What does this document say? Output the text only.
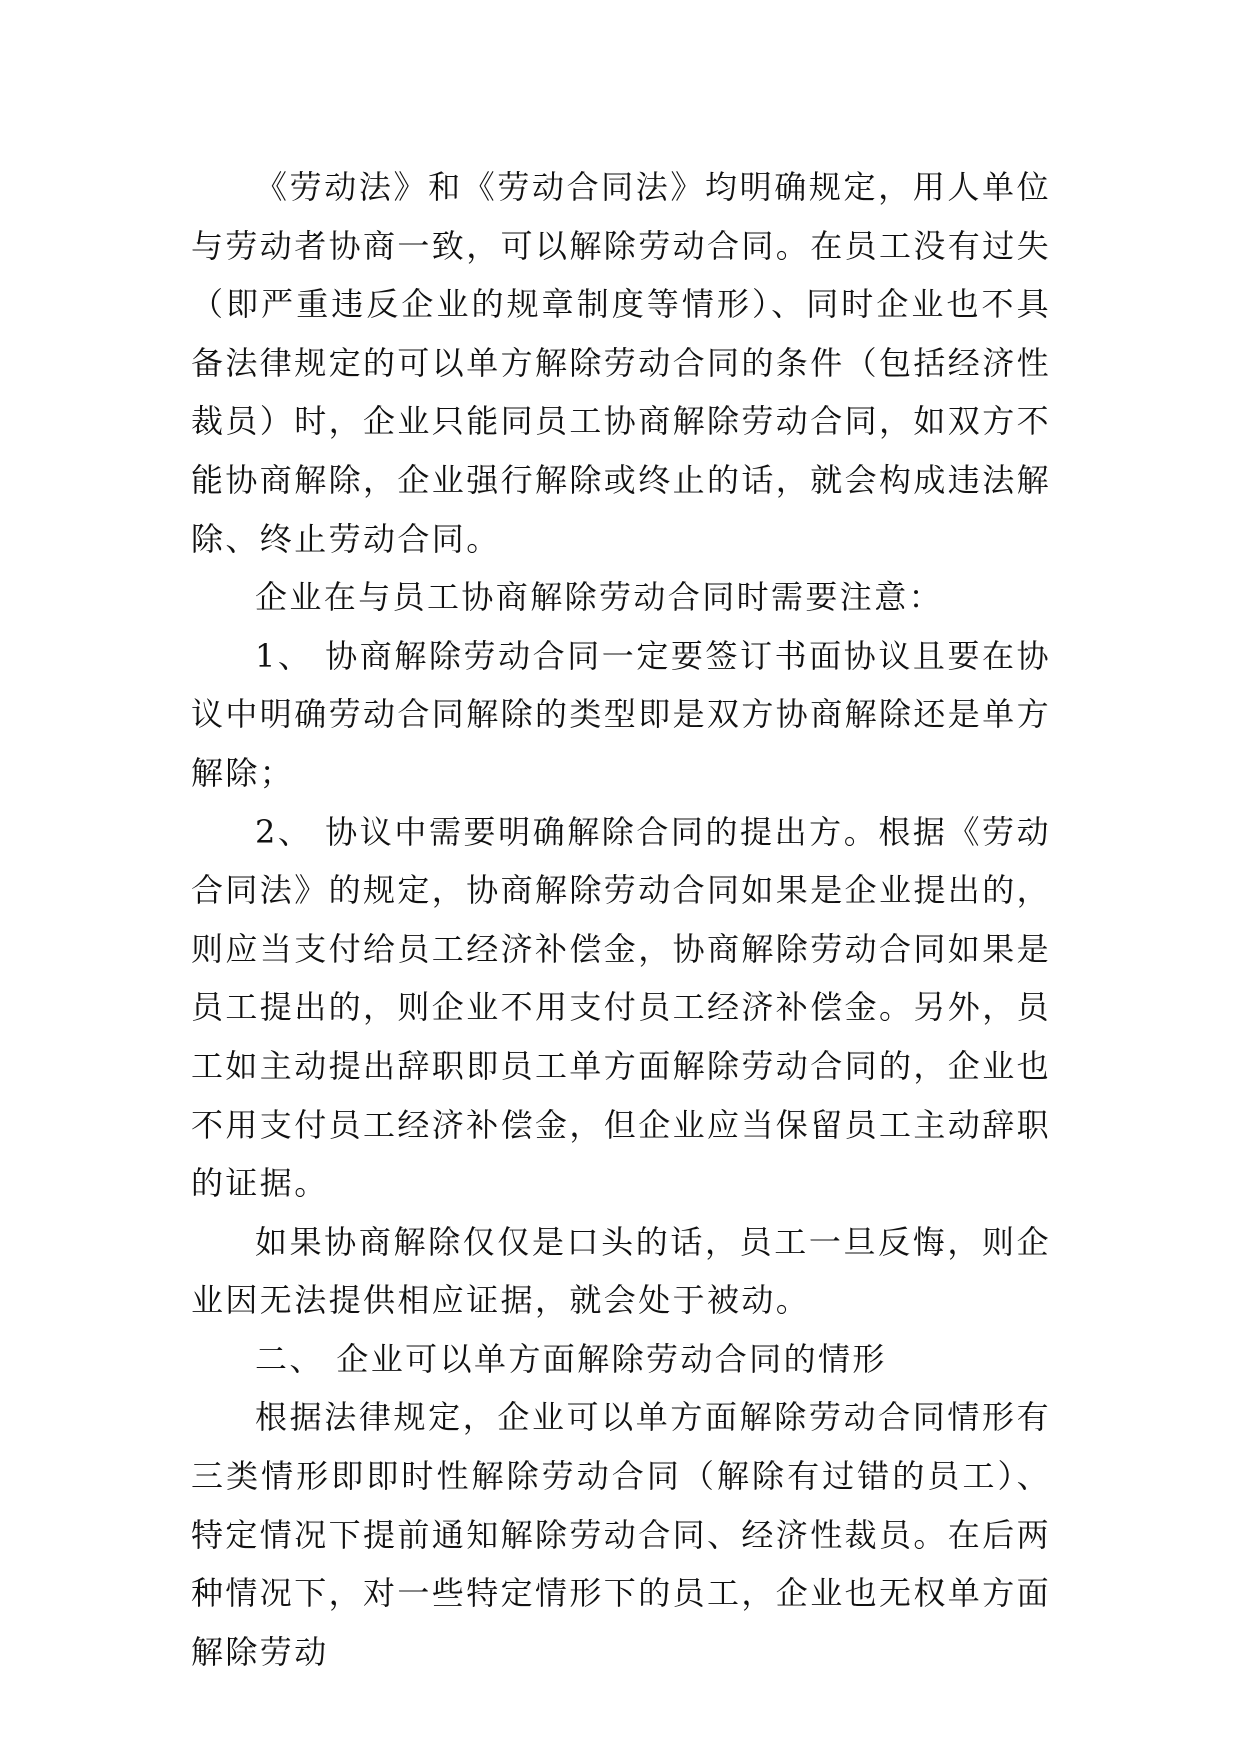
《劳动法》和《劳动合同法》均明确规定，用人单位与劳动者协商一致，可以解除劳动合同。在员工没有过失（即严重违反企业的规章制度等情形）、同时企业也不具备法律规定的可以单方解除劳动合同的条件（包括经济性裁员）时，企业只能同员工协商解除劳动合同，如双方不能协商解除，企业强行解除或终止的话，就会构成违法解除、终止劳动合同。

企业在与员工协商解除劳动合同时需要注意：

1、 协商解除劳动合同一定要签订书面协议且要在协议中明确劳动合同解除的类型即是双方协商解除还是单方解除；

2、 协议中需要明确解除合同的提出方。根据《劳动合同法》的规定，协商解除劳动合同如果是企业提出的，则应当支付给员工经济补偿金，协商解除劳动合同如果是员工提出的，则企业不用支付员工经济补偿金。另外，员工如主动提出辞职即员工单方面解除劳动合同的，企业也不用支付员工经济补偿金，但企业应当保留员工主动辞职的证据。

如果协商解除仅仅是口头的话，员工一旦反悔，则企业因无法提供相应证据，就会处于被动。

二、 企业可以单方面解除劳动合同的情形

根据法律规定，企业可以单方面解除劳动合同情形有三类情形即即时性解除劳动合同（解除有过错的员工）、特定情况下提前通知解除劳动合同、经济性裁员。在后两种情况下，对一些特定情形下的员工，企业也无权单方面解除劳动
